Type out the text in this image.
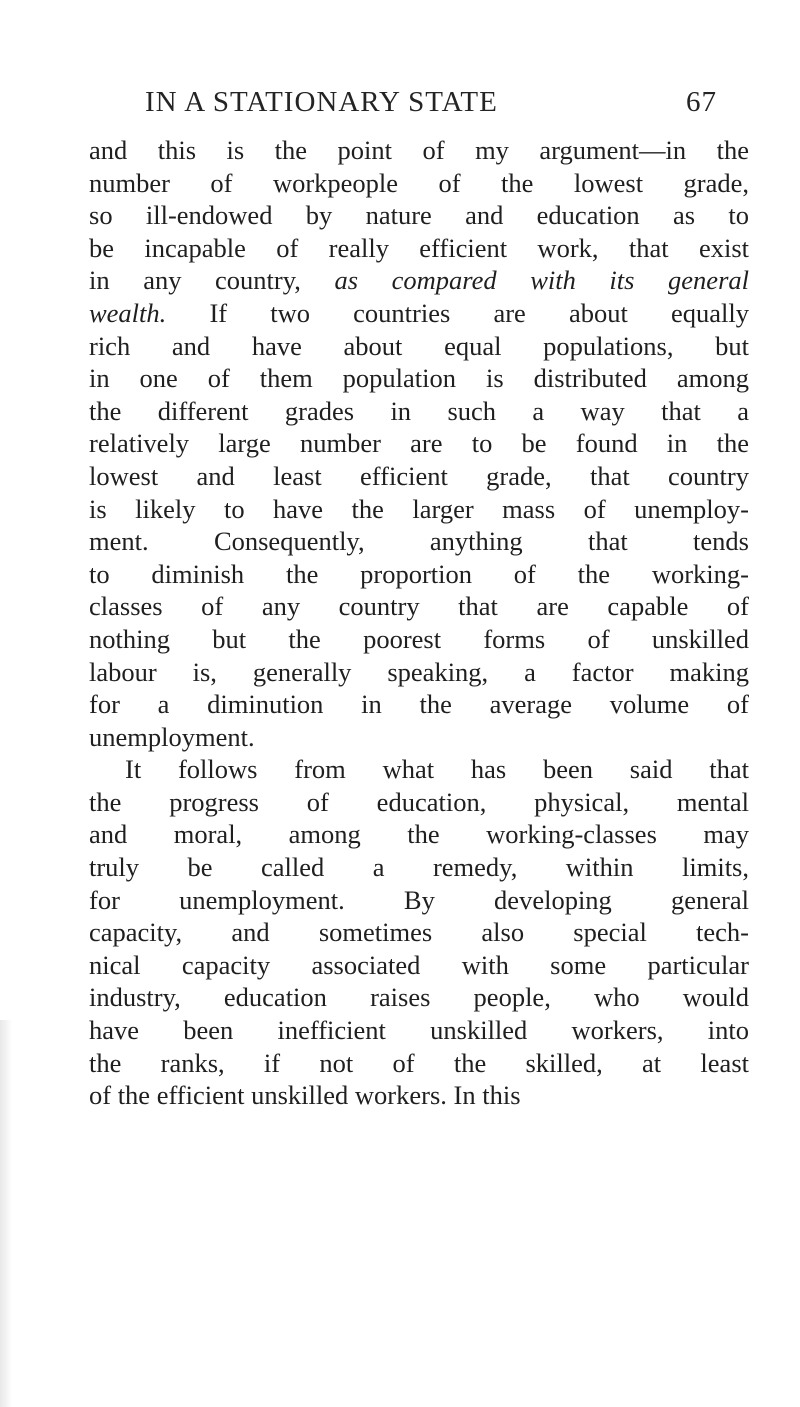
IN A STATIONARY STATE	67
and this is the point of my argument—in the
number of workpeople of the lowest grade,
so ill-endowed by nature and education as to
be incapable of really efficient work, that exist
in any country, as compared with its general
wealth. If two countries are about equally
rich and have about equal populations, but
in one of them population is distributed among
the different grades in such a way that a
relatively large number are to be found in the
lowest and least efficient grade, that country
is likely to have the larger mass of unemploy-
ment. Consequently, anything that tends
to diminish the proportion of the working-
classes of any country that are capable of
nothing but the poorest forms of unskilled
labour is, generally speaking, a factor making
for a diminution in the average volume of
unemployment.
It follows from what has been said that
the progress of education, physical, mental
and moral, among the working-classes may
truly be called a remedy, within limits,
for unemployment. By developing general
capacity, and sometimes also special tech-
nical capacity associated with some particular
industry, education raises people, who would
have been inefficient unskilled workers, into
the ranks, if not of the skilled, at least
of the efficient unskilled workers. In this
